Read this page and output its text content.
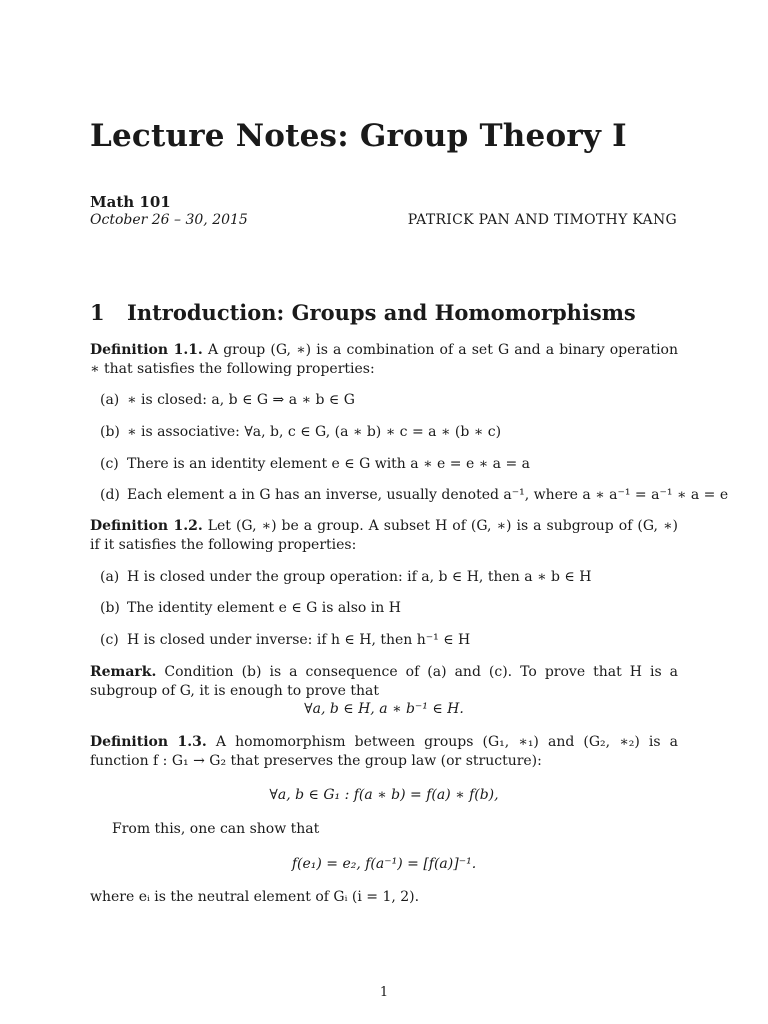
Lecture Notes: Group Theory I
Math 101
October 26 – 30, 2015	PATRICK PAN AND TIMOTHY KANG
1 Introduction: Groups and Homomorphisms
Definition 1.1. A group (G, ∗) is a combination of a set G and a binary operation ∗ that satisfies the following properties:
(a) ∗ is closed: a, b ∈ G ⇒ a ∗ b ∈ G
(b) ∗ is associative: ∀a, b, c ∈ G, (a ∗ b) ∗ c = a ∗ (b ∗ c)
(c) There is an identity element e ∈ G with a ∗ e = e ∗ a = a
(d) Each element a in G has an inverse, usually denoted a⁻¹, where a ∗ a⁻¹ = a⁻¹ ∗ a = e
Definition 1.2. Let (G, ∗) be a group. A subset H of (G, ∗) is a subgroup of (G, ∗) if it satisfies the following properties:
(a) H is closed under the group operation: if a, b ∈ H, then a ∗ b ∈ H
(b) The identity element e ∈ G is also in H
(c) H is closed under inverse: if h ∈ H, then h⁻¹ ∈ H
Remark. Condition (b) is a consequence of (a) and (c). To prove that H is a subgroup of G, it is enough to prove that
∀a, b ∈ H, a ∗ b⁻¹ ∈ H.
Definition 1.3. A homomorphism between groups (G₁, ∗₁) and (G₂, ∗₂) is a function f : G₁ → G₂ that preserves the group law (or structure):
∀a, b ∈ G₁ : f(a ∗ b) = f(a) ∗ f(b),
From this, one can show that
f(e₁) = e₂, f(a⁻¹) = [f(a)]⁻¹.
where eᵢ is the neutral element of Gᵢ (i = 1, 2).
1
